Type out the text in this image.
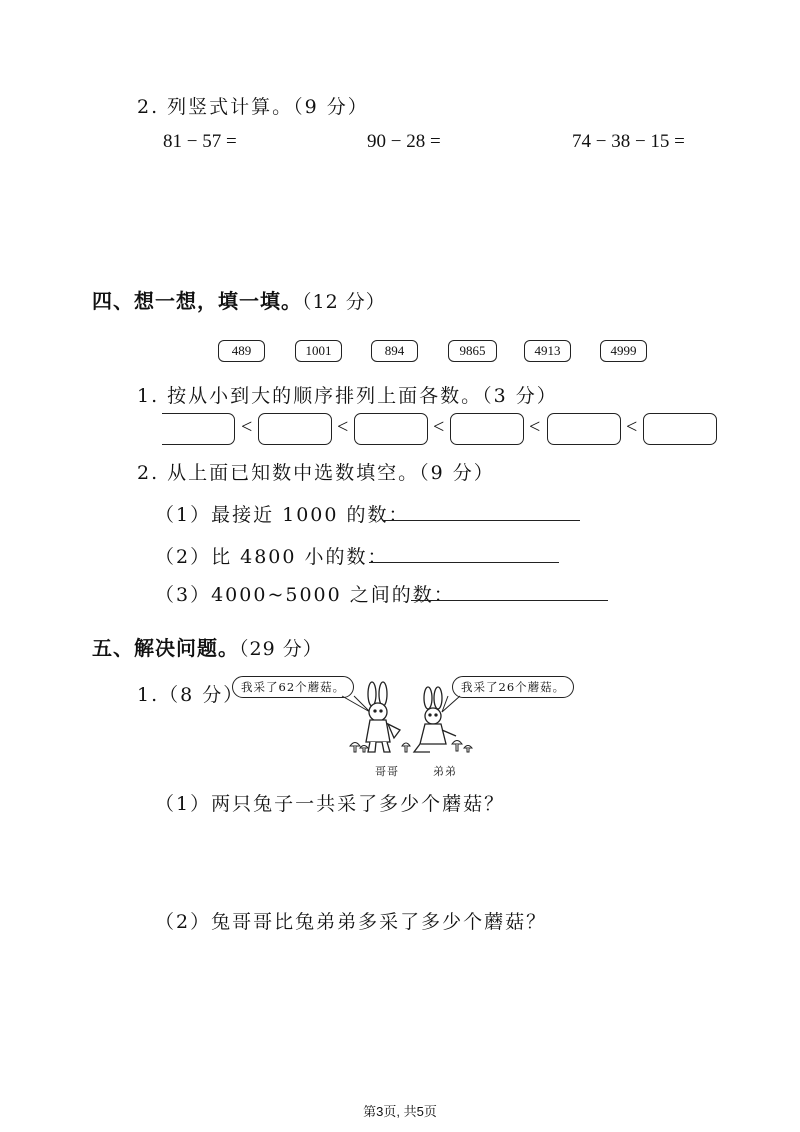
2. 列竖式计算。（9 分）
81 − 57 =	90 − 28 =	74 − 38 − 15 =
四、想一想，填一填。（12 分）
489	1001	894	9865	4913	4999
1. 按从小到大的顺序排列上面各数。（3 分）
<	<	<	<	<
2. 从上面已知数中选数填空。（9 分）
（1）最接近 1000 的数：
（2）比 4800 小的数：
（3）4000~5000 之间的数：
五、解决问题。（29 分）
1.（8 分）
我采了62个蘑菇。	我采了26个蘑菇。
哥哥	弟弟
（1）两只兔子一共采了多少个蘑菇？
（2）兔哥哥比兔弟弟多采了多少个蘑菇？
第3页, 共5页
